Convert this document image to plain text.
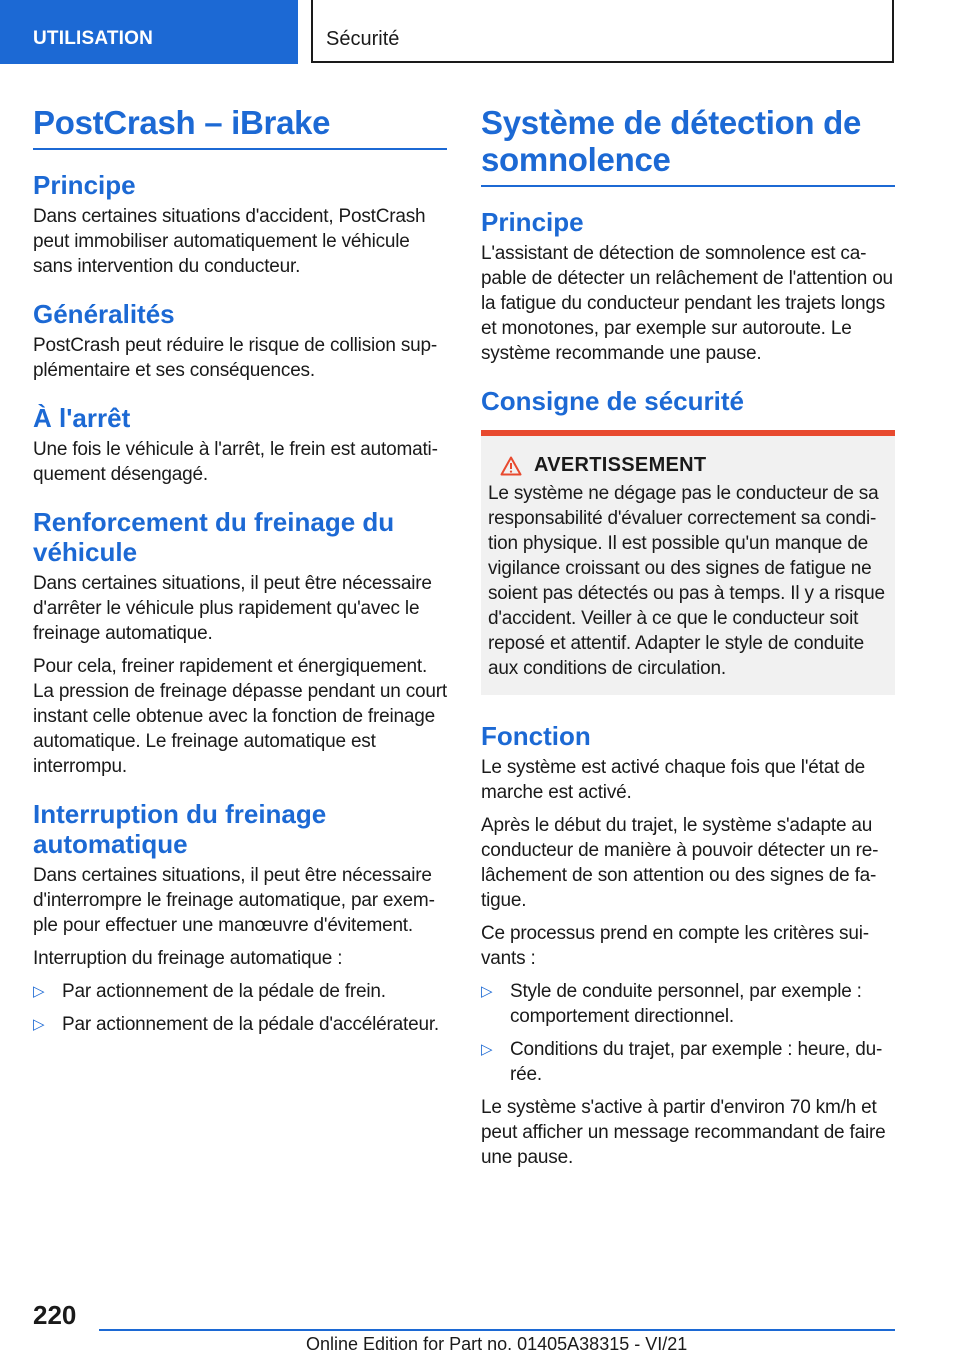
UTILISATION	Sécurité
PostCrash – iBrake
Principe

Dans certaines situations d'accident, PostCrash peut immobiliser automatiquement le véhicule sans intervention du conducteur.

Généralités

PostCrash peut réduire le risque de collision supplémentaire et ses conséquences.

À l'arrêt

Une fois le véhicule à l'arrêt, le frein est automatiquement désengagé.

Renforcement du freinage du véhicule

Dans certaines situations, il peut être nécessaire d'arrêter le véhicule plus rapidement qu'avec le freinage automatique.

Pour cela, freiner rapidement et énergiquement. La pression de freinage dépasse pendant un court instant celle obtenue avec la fonction de freinage automatique. Le freinage automatique est interrompu.

Interruption du freinage automatique

Dans certaines situations, il peut être nécessaire d'interrompre le freinage automatique, par exemple pour effectuer une manœuvre d'évitement.

Interruption du freinage automatique :

▷ Par actionnement de la pédale de frein.
▷ Par actionnement de la pédale d'accélérateur.
Système de détection de somnolence
Principe

L'assistant de détection de somnolence est capable de détecter un relâchement de l'attention ou la fatigue du conducteur pendant les trajets longs et monotones, par exemple sur autoroute. Le système recommande une pause.

Consigne de sécurité
AVERTISSEMENT

Le système ne dégage pas le conducteur de sa responsabilité d'évaluer correctement sa condition physique. Il est possible qu'un manque de vigilance croissant ou des signes de fatigue ne soient pas détectés ou pas à temps. Il y a risque d'accident. Veiller à ce que le conducteur soit reposé et attentif. Adapter le style de conduite aux conditions de circulation.

Fonction

Le système est activé chaque fois que l'état de marche est activé.

Après le début du trajet, le système s'adapte au conducteur de manière à pouvoir détecter un relâchement de son attention ou des signes de fatigue.

Ce processus prend en compte les critères suivants :

▷ Style de conduite personnel, par exemple : comportement directionnel.
▷ Conditions du trajet, par exemple : heure, durée.

Le système s'active à partir d'environ 70 km/h et peut afficher un message recommandant de faire une pause.

220
Online Edition for Part no. 01405A38315 - VI/21
